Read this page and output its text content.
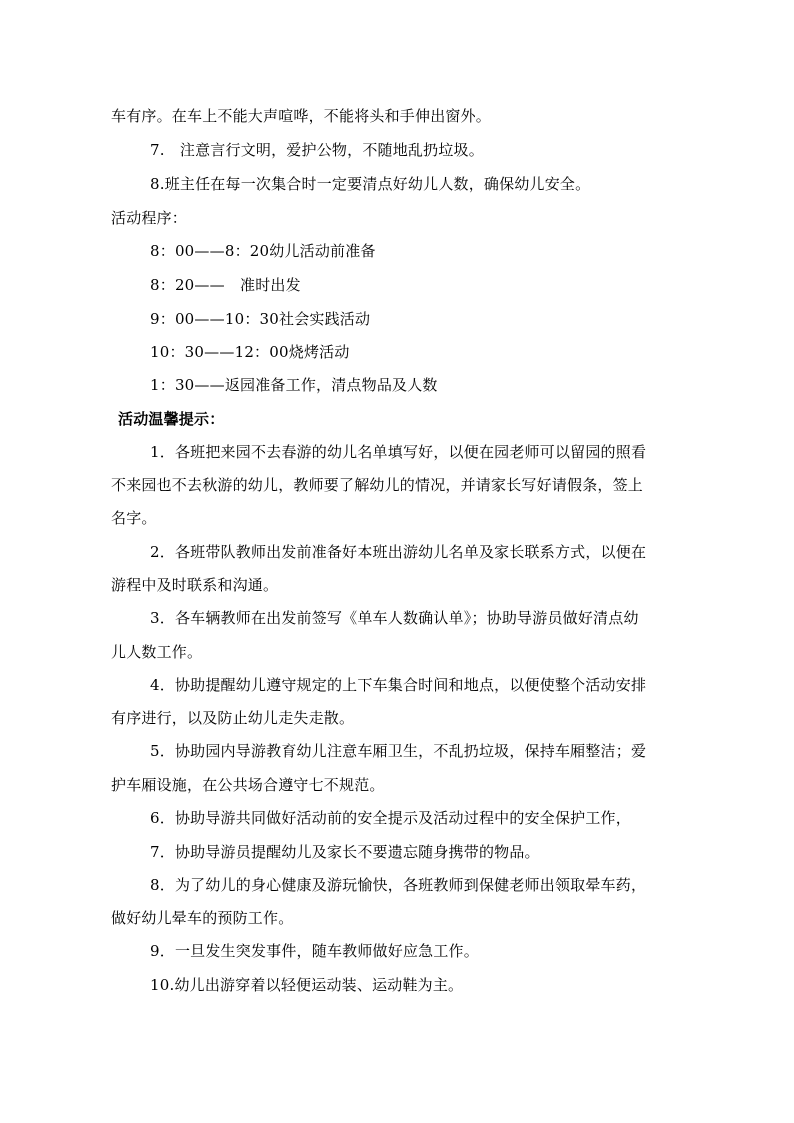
车有序。在车上不能大声喧哗，不能将头和手伸出窗外。
7.　注意言行文明，爱护公物，不随地乱扔垃圾。
8.班主任在每一次集合时一定要清点好幼儿人数，确保幼儿安全。
活动程序：
8：00——8：20幼儿活动前准备
8：20——　准时出发
9：00——10：30社会实践活动
10：30——12：00烧烤活动
1：30——返园准备工作，清点物品及人数
活动温馨提示：
1．各班把来园不去春游的幼儿名单填写好，以便在园老师可以留园的照看
不来园也不去秋游的幼儿，教师要了解幼儿的情况，并请家长写好请假条，签上
名字。
2．各班带队教师出发前准备好本班出游幼儿名单及家长联系方式，以便在
游程中及时联系和沟通。
3．各车辆教师在出发前签写《单车人数确认单》；协助导游员做好清点幼
儿人数工作。
4．协助提醒幼儿遵守规定的上下车集合时间和地点，以便使整个活动安排
有序进行，以及防止幼儿走失走散。
5．协助园内导游教育幼儿注意车厢卫生，不乱扔垃圾，保持车厢整洁；爱
护车厢设施，在公共场合遵守七不规范。
6．协助导游共同做好活动前的安全提示及活动过程中的安全保护工作，
7．协助导游员提醒幼儿及家长不要遗忘随身携带的物品。
8．为了幼儿的身心健康及游玩愉快，各班教师到保健老师出领取晕车药，
做好幼儿晕车的预防工作。
9．一旦发生突发事件，随车教师做好应急工作。
10.幼儿出游穿着以轻便运动装、运动鞋为主。
